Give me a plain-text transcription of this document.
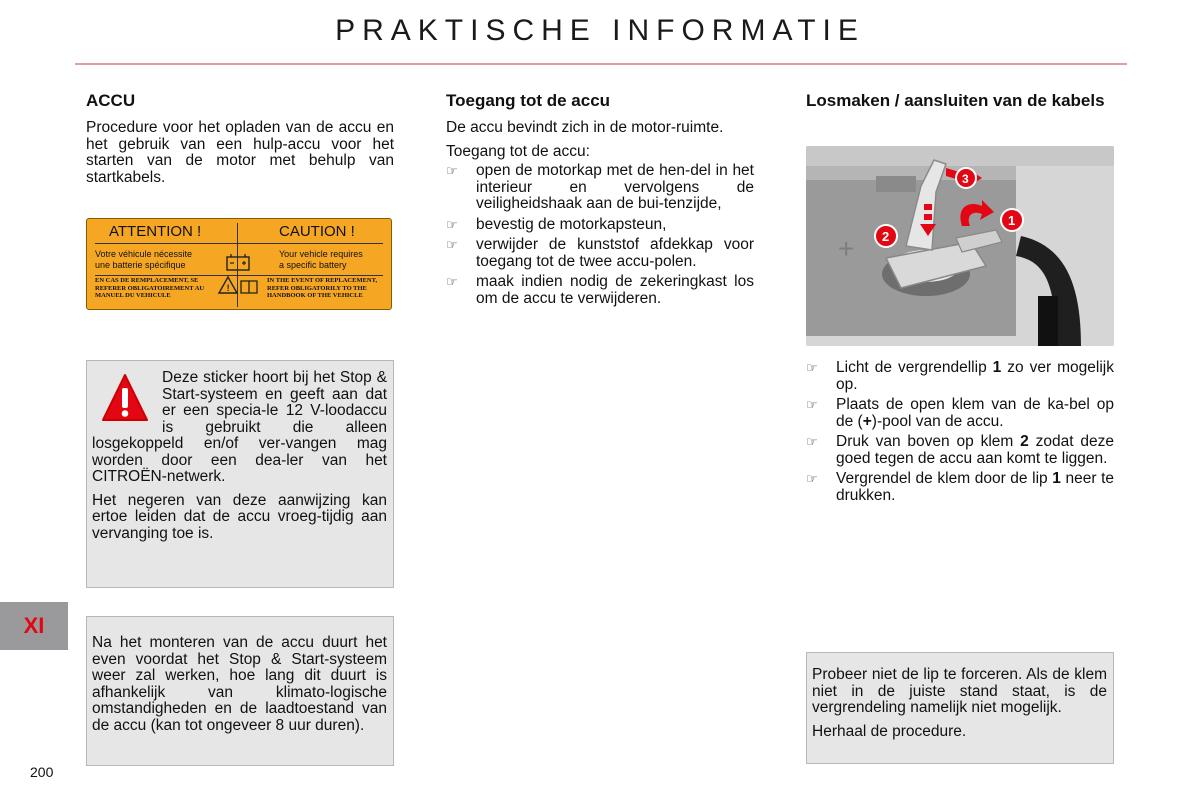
PRAKTISCHE INFORMATIE
ACCU

Procedure voor het opladen van de accu en het gebruik van een hulp-accu voor het starten van de motor met behulp van startkabels.

ATTENTION !	CAUTION !
Votre véhicule nécessite
une batterie spécifique
Your vehicle requires
a specific battery
EN CAS DE REMPLACEMENT, SE REFERER OBLIGATOIREMENT AU MANUEL DU VEHICULE
IN THE EVENT OF REPLACEMENT, REFER OBLIGATORILY TO THE HANDBOOK OF THE VEHICLE
!

Deze sticker hoort bij het Stop & Start-systeem en geeft aan dat er een specia-le 12 V-loodaccu is gebruikt die alleen losgekoppeld en/of ver-vangen mag worden door een dea-ler van het CITROËN-netwerk.

Het negeren van deze aanwijzing kan ertoe leiden dat de accu vroeg-tijdig aan vervanging toe is.

Na het monteren van de accu duurt het even voordat het Stop & Start-systeem weer zal werken, hoe lang dit duurt is afhankelijk van klimato-logische omstandigheden en de laadtoestand van de accu (kan tot ongeveer 8 uur duren).

Toegang tot de accu

De accu bevindt zich in de motor-ruimte.

Toegang tot de accu:

☞ open de motorkap met de hen-del in het interieur en vervolgens de veiligheidshaak aan de bui-tenzijde,
☞ bevestig de motorkapsteun,
☞ verwijder de kunststof afdekkap voor toegang tot de twee accu-polen.
☞ maak indien nodig de zekeringkast los om de accu te verwijderen.
Losmaken / aansluiten van de kabels
+
1
2
3
☞ Licht de vergrendellip 1 zo ver mogelijk op.
☞ Plaats de open klem van de ka-bel op de (+)-pool van de accu.
☞ Druk van boven op klem 2 zodat deze goed tegen de accu aan komt te liggen.
☞ Vergrendel de klem door de lip 1 neer te drukken.

Probeer niet de lip te forceren. Als de klem niet in de juiste stand staat, is de vergrendeling namelijk niet mogelijk.

Herhaal de procedure.

XI
200
